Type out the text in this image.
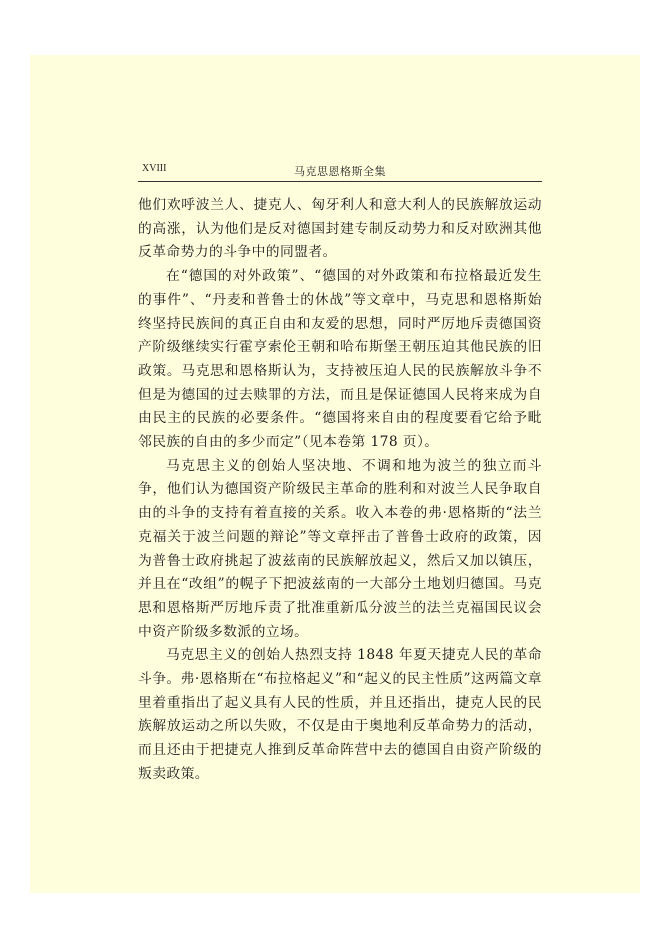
XVIII	马克思恩格斯全集

他们欢呼波兰人、捷克人、匈牙利人和意大利人的民族解放运动的高涨，认为他们是反对德国封建专制反动势力和反对欧洲其他反革命势力的斗争中的同盟者。

在“德国的对外政策”、“德国的对外政策和布拉格最近发生的事件”、“丹麦和普鲁士的休战”等文章中，马克思和恩格斯始终坚持民族间的真正自由和友爱的思想，同时严厉地斥责德国资产阶级继续实行霍亨索伦王朝和哈布斯堡王朝压迫其他民族的旧政策。马克思和恩格斯认为，支持被压迫人民的民族解放斗争不但是为德国的过去赎罪的方法，而且是保证德国人民将来成为自由民主的民族的必要条件。“德国将来自由的程度要看它给予毗邻民族的自由的多少而定”（见本卷第 178 页）。

马克思主义的创始人坚决地、不调和地为波兰的独立而斗争，他们认为德国资产阶级民主革命的胜利和对波兰人民争取自由的斗争的支持有着直接的关系。收入本卷的弗·恩格斯的“法兰克福关于波兰问题的辩论”等文章抨击了普鲁士政府的政策，因为普鲁士政府挑起了波兹南的民族解放起义，然后又加以镇压，并且在“改组”的幌子下把波兹南的一大部分土地划归德国。马克思和恩格斯严厉地斥责了批准重新瓜分波兰的法兰克福国民议会中资产阶级多数派的立场。

马克思主义的创始人热烈支持 1848 年夏天捷克人民的革命斗争。弗·恩格斯在“布拉格起义”和“起义的民主性质”这两篇文章里着重指出了起义具有人民的性质，并且还指出，捷克人民的民族解放运动之所以失败，不仅是由于奥地利反革命势力的活动，而且还由于把捷克人推到反革命阵营中去的德国自由资产阶级的叛卖政策。
